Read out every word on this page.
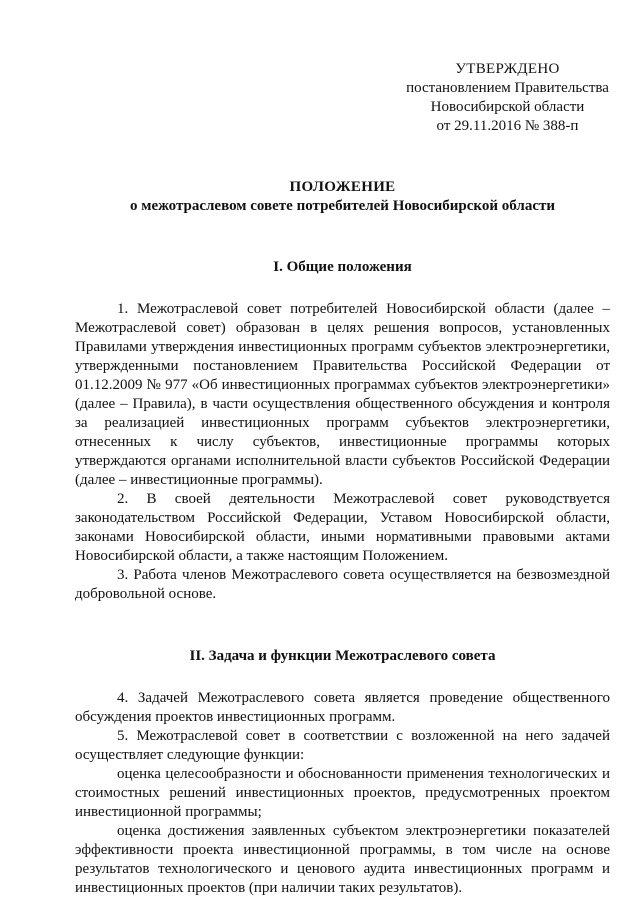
УТВЕРЖДЕНО
постановлением Правительства
Новосибирской области
от 29.11.2016 № 388-п
ПОЛОЖЕНИЕ
о межотраслевом совете потребителей Новосибирской области
I. Общие положения

1. Межотраслевой совет потребителей Новосибирской области (далее – Межотраслевой совет) образован в целях решения вопросов, установленных Правилами утверждения инвестиционных программ субъектов электроэнергетики, утвержденными постановлением Правительства Российской Федерации от 01.12.2009 № 977 «Об инвестиционных программах субъектов электроэнергетики» (далее – Правила), в части осуществления общественного обсуждения и контроля за реализацией инвестиционных программ субъектов электроэнергетики, отнесенных к числу субъектов, инвестиционные программы которых утверждаются органами исполнительной власти субъектов Российской Федерации (далее – инвестиционные программы).

2. В своей деятельности Межотраслевой совет руководствуется законодательством Российской Федерации, Уставом Новосибирской области, законами Новосибирской области, иными нормативными правовыми актами Новосибирской области, а также настоящим Положением.

3. Работа членов Межотраслевого совета осуществляется на безвозмездной добровольной основе.

II. Задача и функции Межотраслевого совета

4. Задачей Межотраслевого совета является проведение общественного обсуждения проектов инвестиционных программ.

5. Межотраслевой совет в соответствии с возложенной на него задачей осуществляет следующие функции:

оценка целесообразности и обоснованности применения технологических и стоимостных решений инвестиционных проектов, предусмотренных проектом инвестиционной программы;

оценка достижения заявленных субъектом электроэнергетики показателей эффективности проекта инвестиционной программы, в том числе на основе результатов технологического и ценового аудита инвестиционных программ и инвестиционных проектов (при наличии таких результатов).
